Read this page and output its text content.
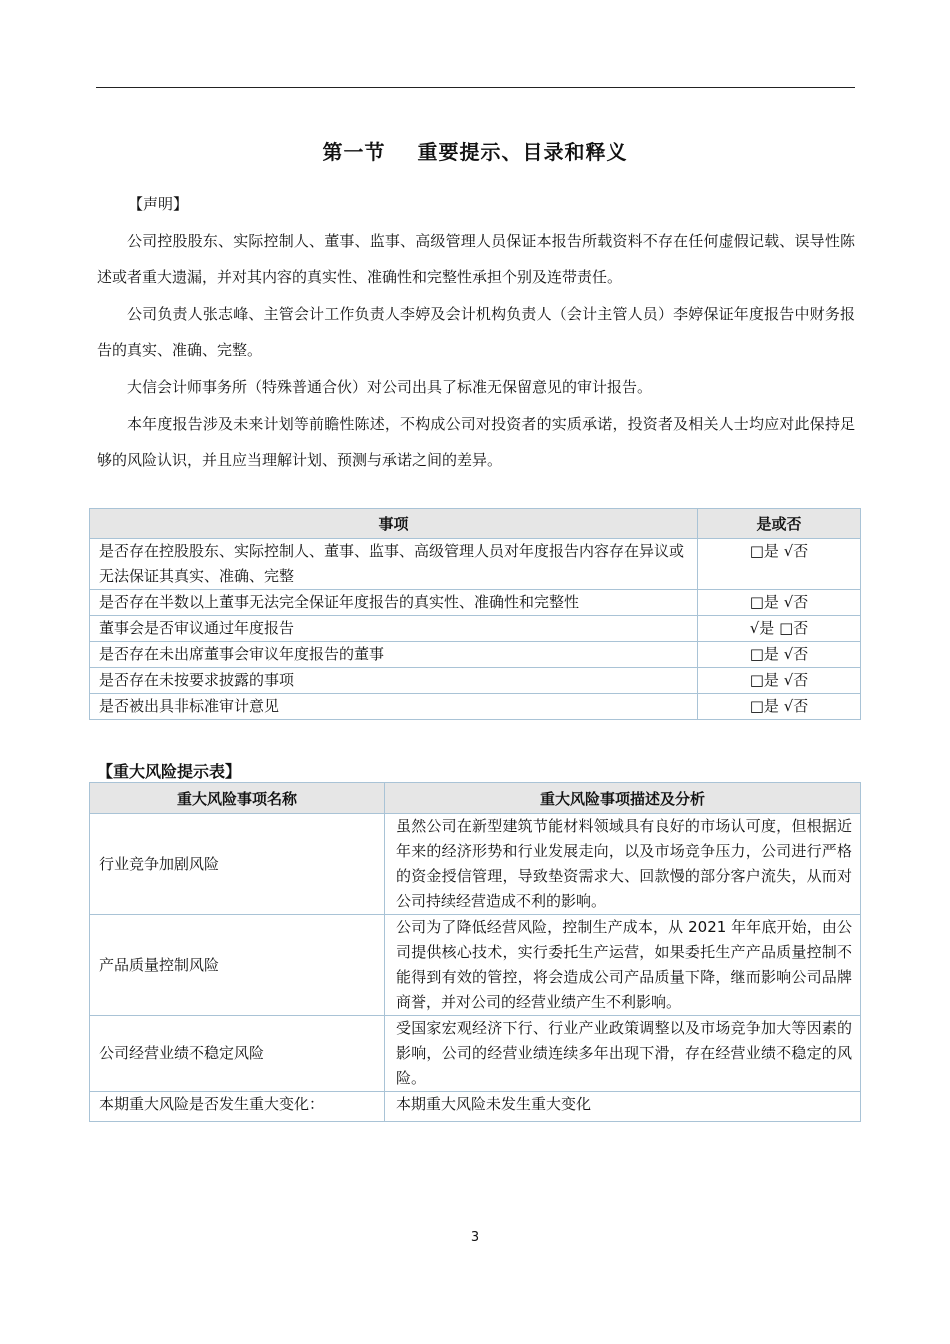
第一节 重要提示、目录和释义
【声明】
公司控股股东、实际控制人、董事、监事、高级管理人员保证本报告所载资料不存在任何虚假记载、误导性陈述或者重大遗漏，并对其内容的真实性、准确性和完整性承担个别及连带责任。
公司负责人张志峰、主管会计工作负责人李婷及会计机构负责人（会计主管人员）李婷保证年度报告中财务报告的真实、准确、完整。
大信会计师事务所（特殊普通合伙）对公司出具了标准无保留意见的审计报告。
本年度报告涉及未来计划等前瞻性陈述，不构成公司对投资者的实质承诺，投资者及相关人士均应对此保持足够的风险认识，并且应当理解计划、预测与承诺之间的差异。
事项	是或否
是否存在控股股东、实际控制人、董事、监事、高级管理人员对年度报告内容存在异议或无法保证其真实、准确、完整	□是 √否
是否存在半数以上董事无法完全保证年度报告的真实性、准确性和完整性	□是 √否
董事会是否审议通过年度报告	√是 □否
是否存在未出席董事会审议年度报告的董事	□是 √否
是否存在未按要求披露的事项	□是 √否
是否被出具非标准审计意见	□是 √否
【重大风险提示表】
重大风险事项名称	重大风险事项描述及分析
行业竞争加剧风险	虽然公司在新型建筑节能材料领域具有良好的市场认可度，但根据近年来的经济形势和行业发展走向，以及市场竞争压力，公司进行严格的资金授信管理，导致垫资需求大、回款慢的部分客户流失，从而对公司持续经营造成不利的影响。
产品质量控制风险	公司为了降低经营风险，控制生产成本，从 2021 年年底开始，由公司提供核心技术，实行委托生产运营，如果委托生产产品质量控制不能得到有效的管控，将会造成公司产品质量下降，继而影响公司品牌商誉，并对公司的经营业绩产生不利影响。
公司经营业绩不稳定风险	受国家宏观经济下行、行业产业政策调整以及市场竞争加大等因素的影响，公司的经营业绩连续多年出现下滑，存在经营业绩不稳定的风险。
本期重大风险是否发生重大变化：	本期重大风险未发生重大变化
3
